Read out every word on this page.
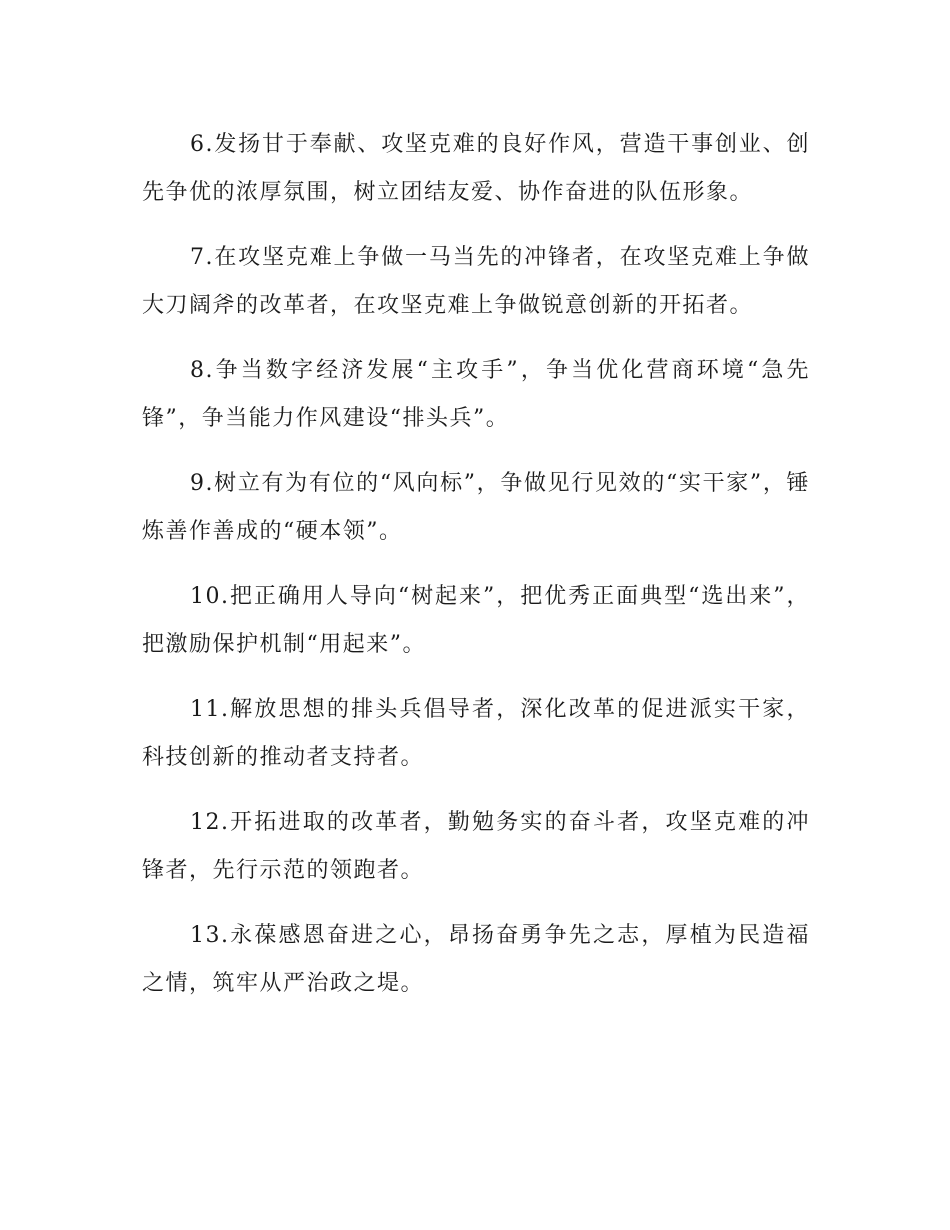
6.发扬甘于奉献、攻坚克难的良好作风，营造干事创业、创先争优的浓厚氛围，树立团结友爱、协作奋进的队伍形象。

7.在攻坚克难上争做一马当先的冲锋者，在攻坚克难上争做大刀阔斧的改革者，在攻坚克难上争做锐意创新的开拓者。

8.争当数字经济发展“主攻手”，争当优化营商环境“急先锋”，争当能力作风建设“排头兵”。

9.树立有为有位的“风向标”，争做见行见效的“实干家”，锤炼善作善成的“硬本领”。

10.把正确用人导向“树起来”，把优秀正面典型“选出来”，把激励保护机制“用起来”。

11.解放思想的排头兵倡导者，深化改革的促进派实干家，科技创新的推动者支持者。

12.开拓进取的改革者，勤勉务实的奋斗者，攻坚克难的冲锋者，先行示范的领跑者。

13.永葆感恩奋进之心，昂扬奋勇争先之志，厚植为民造福之情，筑牢从严治政之堤。
